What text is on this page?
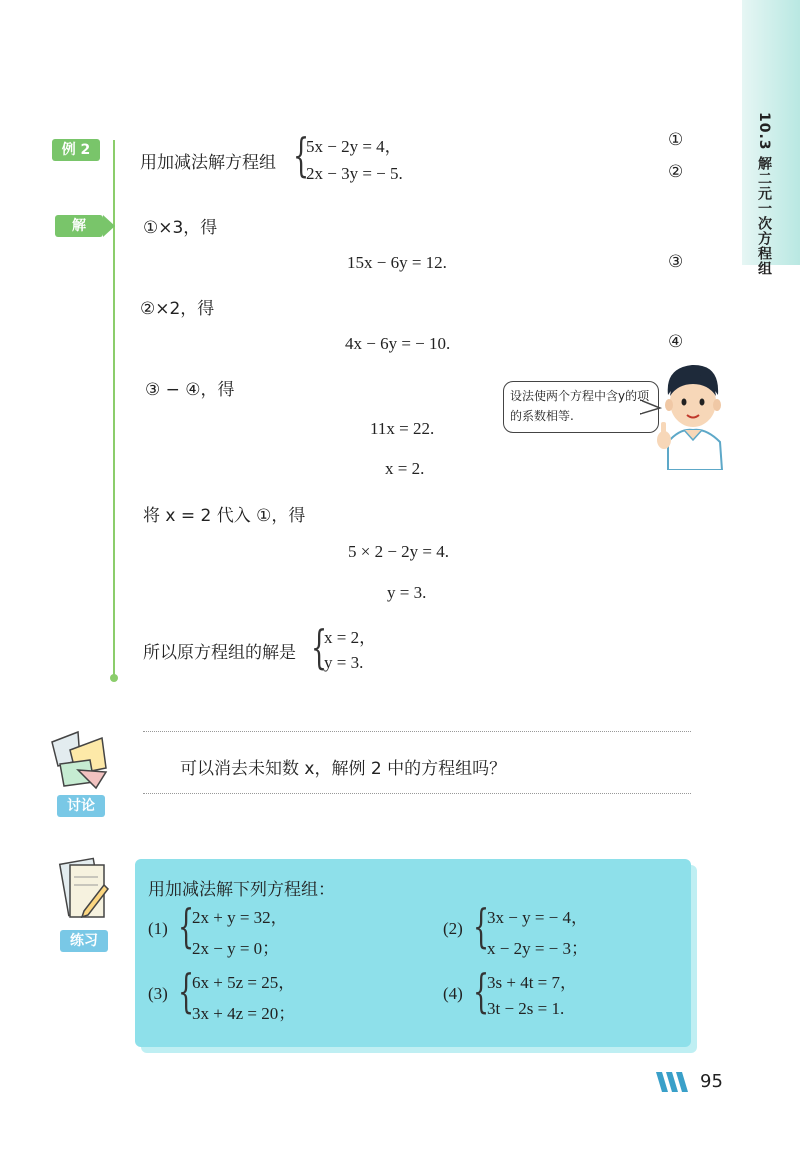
10.3 解二元一次方程组
例 2
用加减法解方程组 {
5x − 2y = 4，
2x − 3y = − 5.
①
②
解	①×3，得
15x − 6y = 12.	③
②×2，得
4x − 6y = − 10.	④
③ − ④，得
11x = 22.
x = 2.
将 x = 2 代入 ①，得
5 × 2 − 2y = 4.
y = 3.
所以原方程组的解是 {
x = 2，
y = 3.
设法使两个方程中含y的项的系数相等.
讨论
可以消去未知数 x，解例 2 中的方程组吗？
练习
用加减法解下列方程组：
(1) {
2x + y = 32，
2x − y = 0；
(2) {
3x − y = − 4，
x − 2y = − 3；
(3) {
6x + 5z = 25，
3x + 4z = 20；
(4) {
3s + 4t = 7，
3t − 2s = 1.
95
